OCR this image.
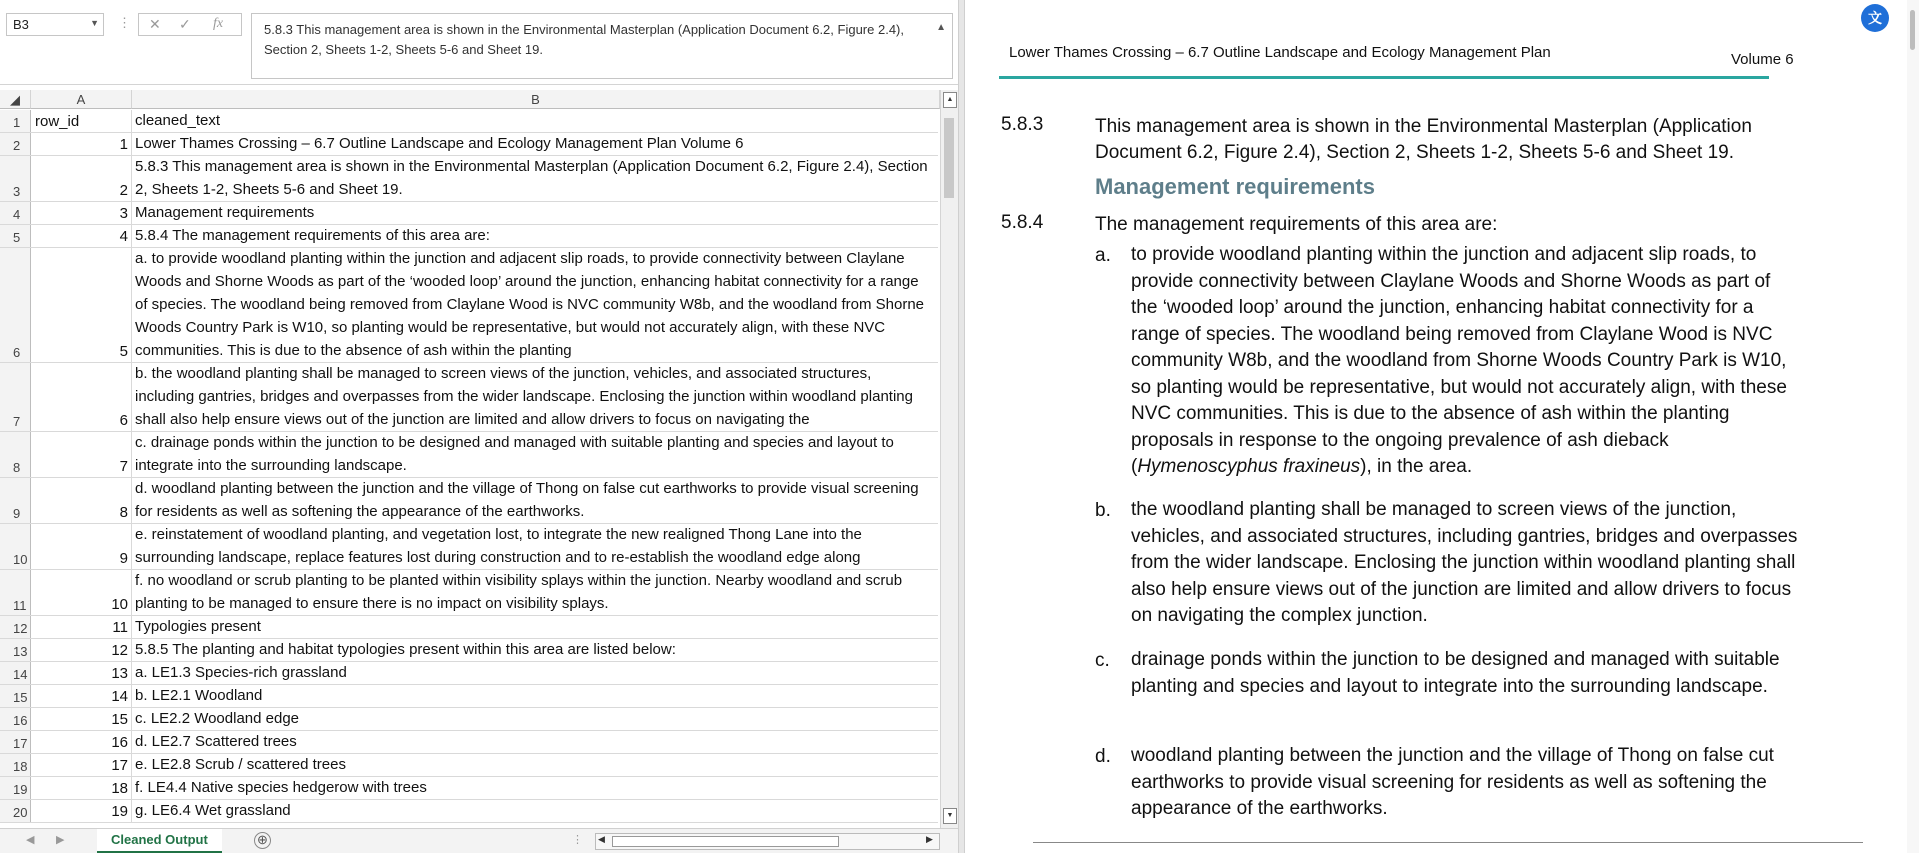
B3	▼ ⋮ ✕ ✓ fx	5.8.3 This management area is shown in the Environmental Masterplan (Application Document 6.2, Figure 2.4), Section 2, Sheets 1-2, Sheets 5-6 and Sheet 19.
▲
◢	A	B
1 row_id	cleaned_text
2	1 Lower Thames Crossing – 6.7 Outline Landscape and Ecology Management Plan Volume 6
3	2
5.8.3 This management area is shown in the Environmental Masterplan (Application Document 6.2, Figure 2.4), Section 2, Sheets 1-2, Sheets 5-6 and Sheet 19.
4	3 Management requirements
5	4 5.8.4 The management requirements of this area are:
6	5
a. to provide woodland planting within the junction and adjacent slip roads, to provide connectivity between Claylane Woods and Shorne Woods as part of the ‘wooded loop’ around the junction, enhancing habitat connectivity for a range of species. The woodland being removed from Claylane Wood is NVC community W8b, and the woodland from Shorne Woods Country Park is W10, so planting would be representative, but would not accurately align, with these NVC communities. This is due to the absence of ash within the planting
7	6
b. the woodland planting shall be managed to screen views of the junction, vehicles, and associated structures, including gantries, bridges and overpasses from the wider landscape. Enclosing the junction within woodland planting shall also help ensure views out of the junction are limited and allow drivers to focus on navigating the
8	7
c. drainage ponds within the junction to be designed and managed with suitable planting and species and layout to integrate into the surrounding landscape.
9	8
d. woodland planting between the junction and the village of Thong on false cut earthworks to provide visual screening for residents as well as softening the appearance of the earthworks.
10	9
e. reinstatement of woodland planting, and vegetation lost, to integrate the new realigned Thong Lane into the surrounding landscape, replace features lost during construction and to re-establish the woodland edge along
11	10
f. no woodland or scrub planting to be planted within visibility splays within the junction. Nearby woodland and scrub planting to be managed to ensure there is no impact on visibility splays.
12	11 Typologies present
13	12 5.8.5 The planting and habitat typologies present within this area are listed below:
14	13 a. LE1.3 Species-rich grassland
15	14 b. LE2.1 Woodland
16	15 c. LE2.2 Woodland edge
17	16 d. LE2.7 Scattered trees
18	17 e. LE2.8 Scrub / scattered trees
19	18 f. LE4.4 Native species hedgerow with trees
20	19 g. LE6.4 Wet grassland
▲
▼
◀ ▶	Cleaned Output	⊕	⋮ ◀	▶
文
Lower Thames Crossing – 6.7 Outline Landscape and Ecology Management Plan	Volume 6
5.8.3	This management area is shown in the Environmental Masterplan (Application Document 6.2, Figure 2.4), Section 2, Sheets 1-2, Sheets 5-6 and Sheet 19.
Management requirements
5.8.4	The management requirements of this area are:
a. to provide woodland planting within the junction and adjacent slip roads, to provide connectivity between Claylane Woods and Shorne Woods as part of the ‘wooded loop’ around the junction, enhancing habitat connectivity for a range of species. The woodland being removed from Claylane Wood is NVC community W8b, and the woodland from Shorne Woods Country Park is W10, so planting would be representative, but would not accurately align, with these NVC communities. This is due to the absence of ash within the planting proposals in response to the ongoing prevalence of ash dieback (Hymenoscyphus fraxineus), in the area.
b. the woodland planting shall be managed to screen views of the junction, vehicles, and associated structures, including gantries, bridges and overpasses from the wider landscape. Enclosing the junction within woodland planting shall also help ensure views out of the junction are limited and allow drivers to focus on navigating the complex junction.
c. drainage ponds within the junction to be designed and managed with suitable planting and species and layout to integrate into the surrounding landscape.
d. woodland planting between the junction and the village of Thong on false cut earthworks to provide visual screening for residents as well as softening the appearance of the earthworks.
